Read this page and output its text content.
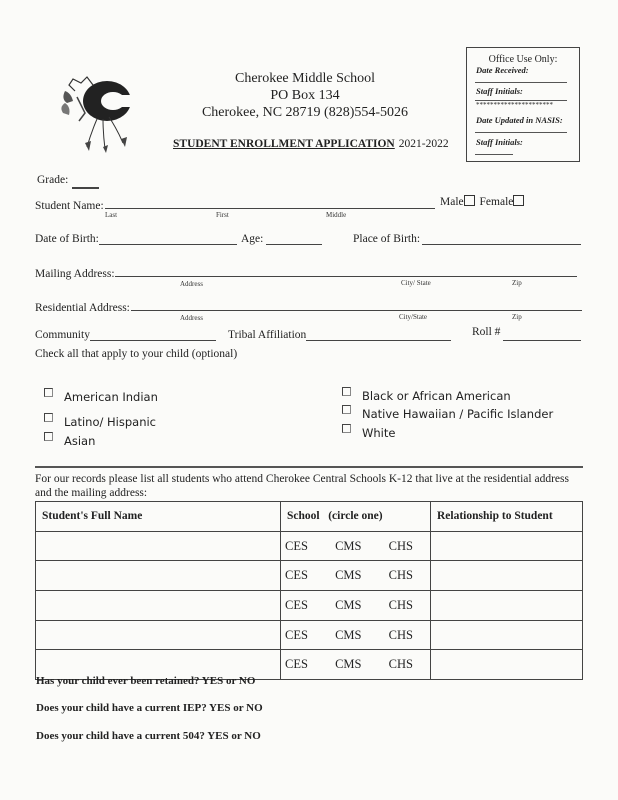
C
Cherokee Middle School
PO Box 134
Cherokee, NC 28719 (828)554-5026
STUDENT ENROLLMENT APPLICATION 2021-2022
Office Use Only:
Date Received:
Staff Initials:
**********************
Date Updated in NASIS:
Staff Initials:
Grade:
Student Name:
Last	First	Middle
Male Female
Date of Birth:	Age:	Place of Birth:
Mailing Address:
Address	City/ State	Zip
Residential Address:
Address	City/State	Zip
Community	Tribal Affiliation	Roll #
Check all that apply to your child (optional)
American Indian
Latino/ Hispanic
Asian
Black or African American
Native Hawaiian / Pacific Islander
White
For our records please list all students who attend Cherokee Central Schools K-12 that live at the residential address and the mailing address:
Student's Full Name	School   (circle one)	Relationship to Student

	CES CMS CHS	

	CES CMS CHS	

	CES CMS CHS	

	CES CMS CHS	

	CES CMS CHS	

Has your child ever been retained? YES or NO
Does your child have a current IEP? YES or NO
Does your child have a current 504? YES or NO
